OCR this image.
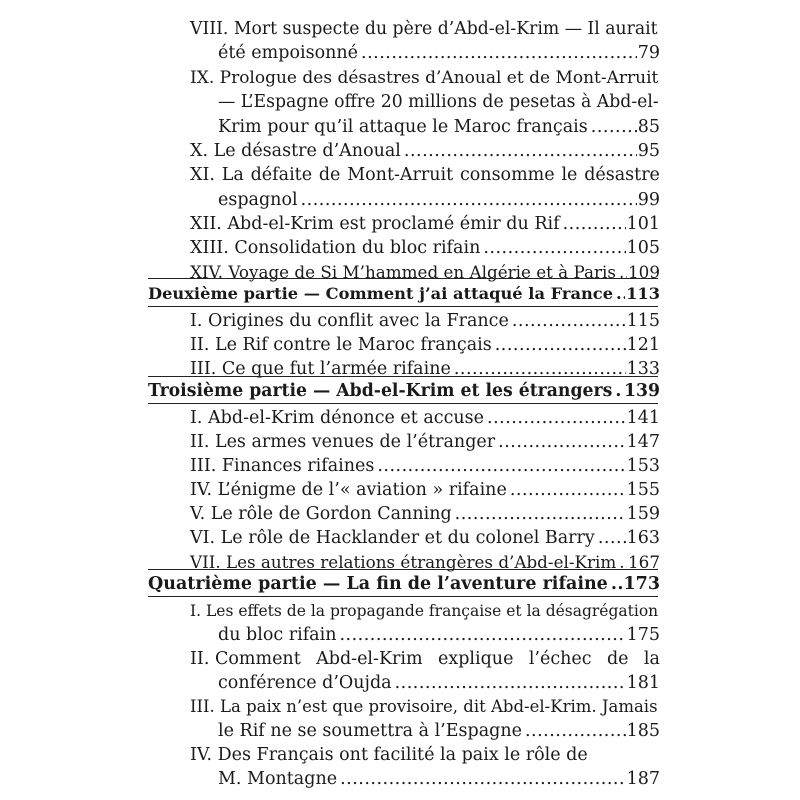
VIII. Mort suspecte du père d’Abd-el-Krim — Il aurait
été empoisonné .....	79
IX. Prologue des désastres d’Anoual et de Mont-Arruit
— L’Espagne offre 20 millions de pesetas à Abd-el-
Krim pour qu’il attaque le Maroc français .....	85
X. Le désastre d’Anoual .....	95
XI. La défaite de Mont-Arruit consomme le désastre
espagnol .....	99
XII. Abd-el-Krim est proclamé émir du Rif .....	101
XIII. Consolidation du bloc rifain .....	105
XIV. Voyage de Si M’hammed en Algérie et à Paris ..... 109
Deuxième partie — Comment j’ai attaqué la France ..... 113
I. Origines du conflit avec la France .....	115
II. Le Rif contre le Maroc français .....	121
III. Ce que fut l’armée rifaine .....	133
Troisième partie — Abd-el-Krim et les étrangers ..... 139
I. Abd-el-Krim dénonce et accuse .....	141
II. Les armes venues de l’étranger .....	147
III. Finances rifaines .....	153
IV. L’énigme de l’« aviation » rifaine .....	155
V. Le rôle de Gordon Canning .....	159
VI. Le rôle de Hacklander et du colonel Barry ..... 163
VII. Les autres relations étrangères d’Abd-el-Krim ..... 167
Quatrième partie — La fin de l’aventure rifaine ..... 173
I. Les effets de la propagande française et la désagrégation
du bloc rifain .....	175
II. Comment Abd-el-Krim explique l’échec de la
conférence d’Oujda .....	181
III. La paix n’est que provisoire, dit Abd-el-Krim. Jamais
le Rif ne se soumettra à l’Espagne .....	185
IV. Des Français ont facilité la paix le rôle de
M. Montagne .....	187
